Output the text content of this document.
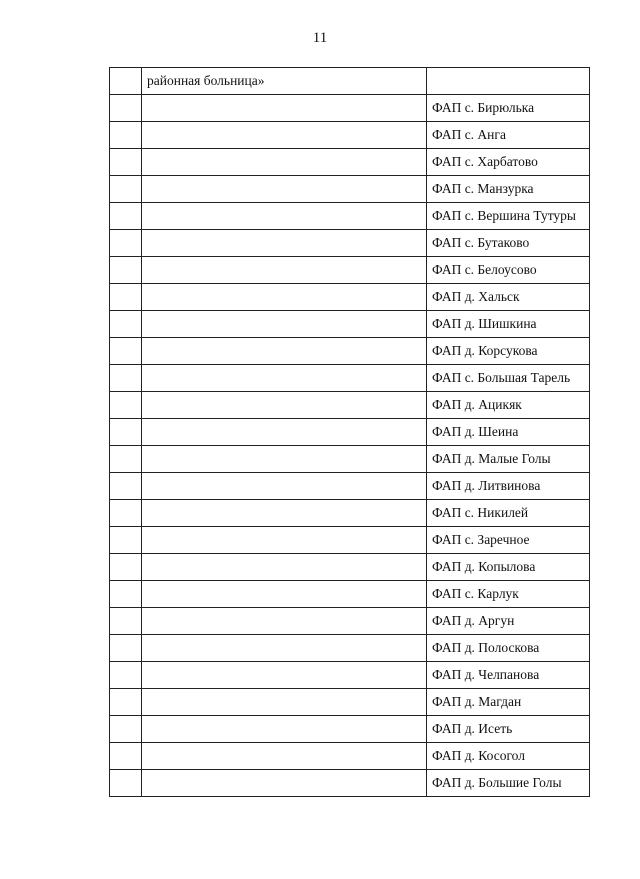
11
	районная больница»	
		ФАП с. Бирюлька
		ФАП с. Анга
		ФАП с. Харбатово
		ФАП с. Манзурка
		ФАП с. Вершина Тутуры
		ФАП с. Бутаково
		ФАП с. Белоусово
		ФАП д. Хальск
		ФАП д. Шишкина
		ФАП д. Корсукова
		ФАП с. Большая Тарель
		ФАП д. Ацикяк
		ФАП д. Шеина
		ФАП д. Малые Голы
		ФАП д. Литвинова
		ФАП с. Никилей
		ФАП с. Заречное
		ФАП д. Копылова
		ФАП с. Карлук
		ФАП д. Аргун
		ФАП д. Полоскова
		ФАП д. Челпанова
		ФАП д. Магдан
		ФАП д. Исеть
		ФАП д. Косогол
		ФАП д. Большие Голы
